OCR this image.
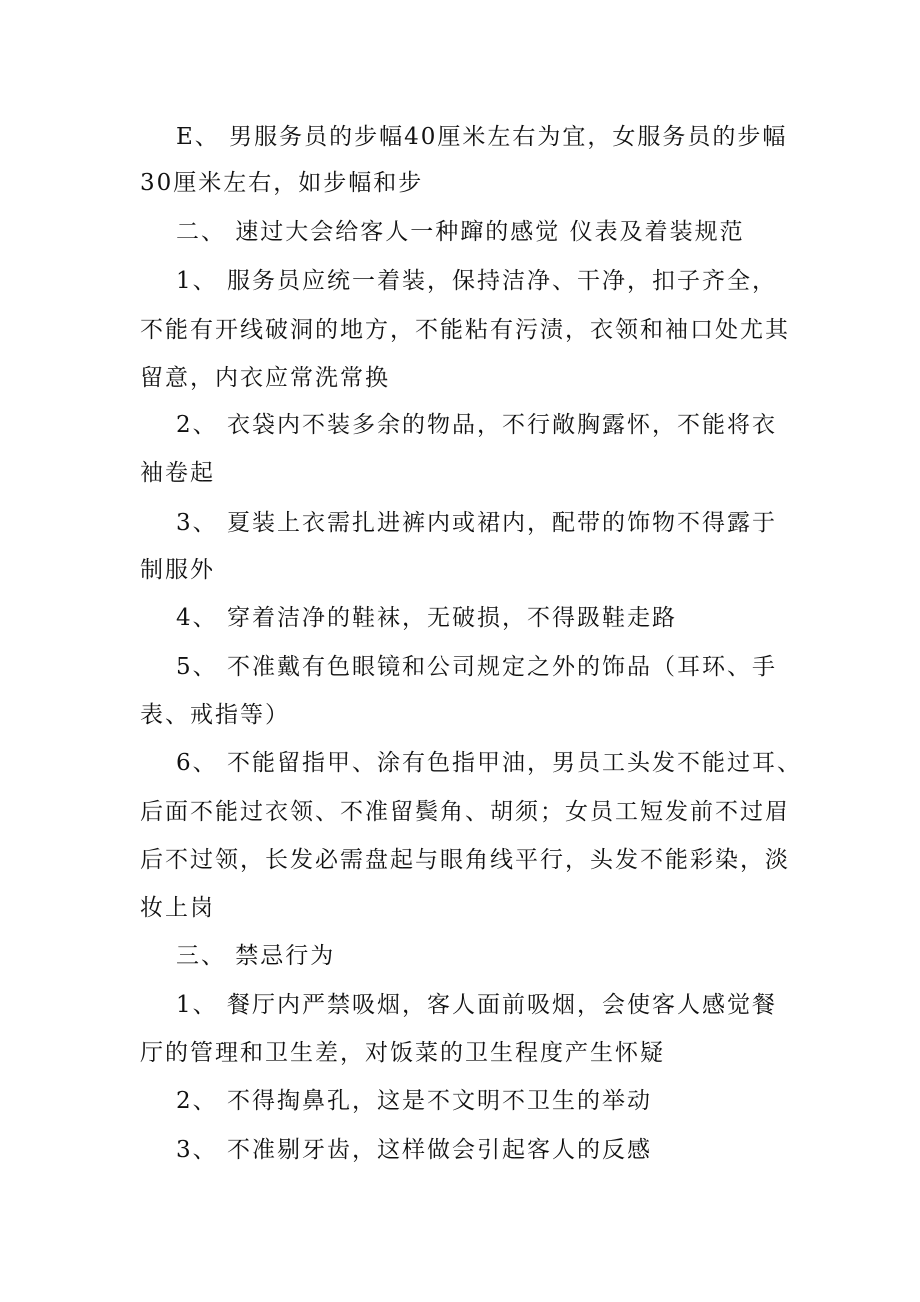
E、 男服务员的步幅40厘米左右为宜，女服务员的步幅
30厘米左右，如步幅和步
二、 速过大会给客人一种蹿的感觉 仪表及着装规范
1、 服务员应统一着装，保持洁净、干净，扣子齐全，
不能有开线破洞的地方，不能粘有污渍，衣领和袖口处尤其
留意，内衣应常洗常换
2、 衣袋内不装多余的物品，不行敞胸露怀，不能将衣
袖卷起
3、 夏装上衣需扎进裤内或裙内，配带的饰物不得露于
制服外
4、 穿着洁净的鞋袜，无破损，不得趿鞋走路
5、 不准戴有色眼镜和公司规定之外的饰品（耳环、手
表、戒指等）
6、 不能留指甲、涂有色指甲油，男员工头发不能过耳、
后面不能过衣领、不准留鬓角、胡须；女员工短发前不过眉
后不过领，长发必需盘起与眼角线平行，头发不能彩染，淡
妆上岗
三、 禁忌行为
1、 餐厅内严禁吸烟，客人面前吸烟，会使客人感觉餐
厅的管理和卫生差，对饭菜的卫生程度产生怀疑
2、 不得掏鼻孔，这是不文明不卫生的举动
3、 不准剔牙齿，这样做会引起客人的反感
